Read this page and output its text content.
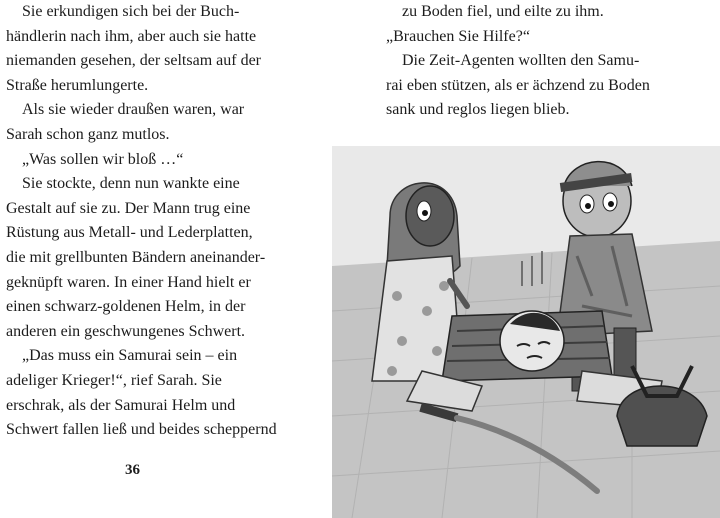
Sie erkundigen sich bei der Buch-
händlerin nach ihm, aber auch sie hatte
niemanden gesehen, der seltsam auf der
Straße herumlungerte.
Als sie wieder draußen waren, war
Sarah schon ganz mutlos.
„Was sollen wir bloß …“
Sie stockte, denn nun wankte eine
Gestalt auf sie zu. Der Mann trug eine
Rüstung aus Metall- und Lederplatten,
die mit grellbunten Bändern aneinander-
geknüpft waren. In einer Hand hielt er
einen schwarz-goldenen Helm, in der
anderen ein geschwungenes Schwert.
„Das muss ein Samurai sein – ein
adeliger Krieger!“, rief Sarah. Sie
erschrak, als der Samurai Helm und
Schwert fallen ließ und beides scheppernd
36
zu Boden fiel, und eilte zu ihm.
„Brauchen Sie Hilfe?“
Die Zeit-Agenten wollten den Samu-
rai eben stützen, als er ächzend zu Boden
sank und reglos liegen blieb.
